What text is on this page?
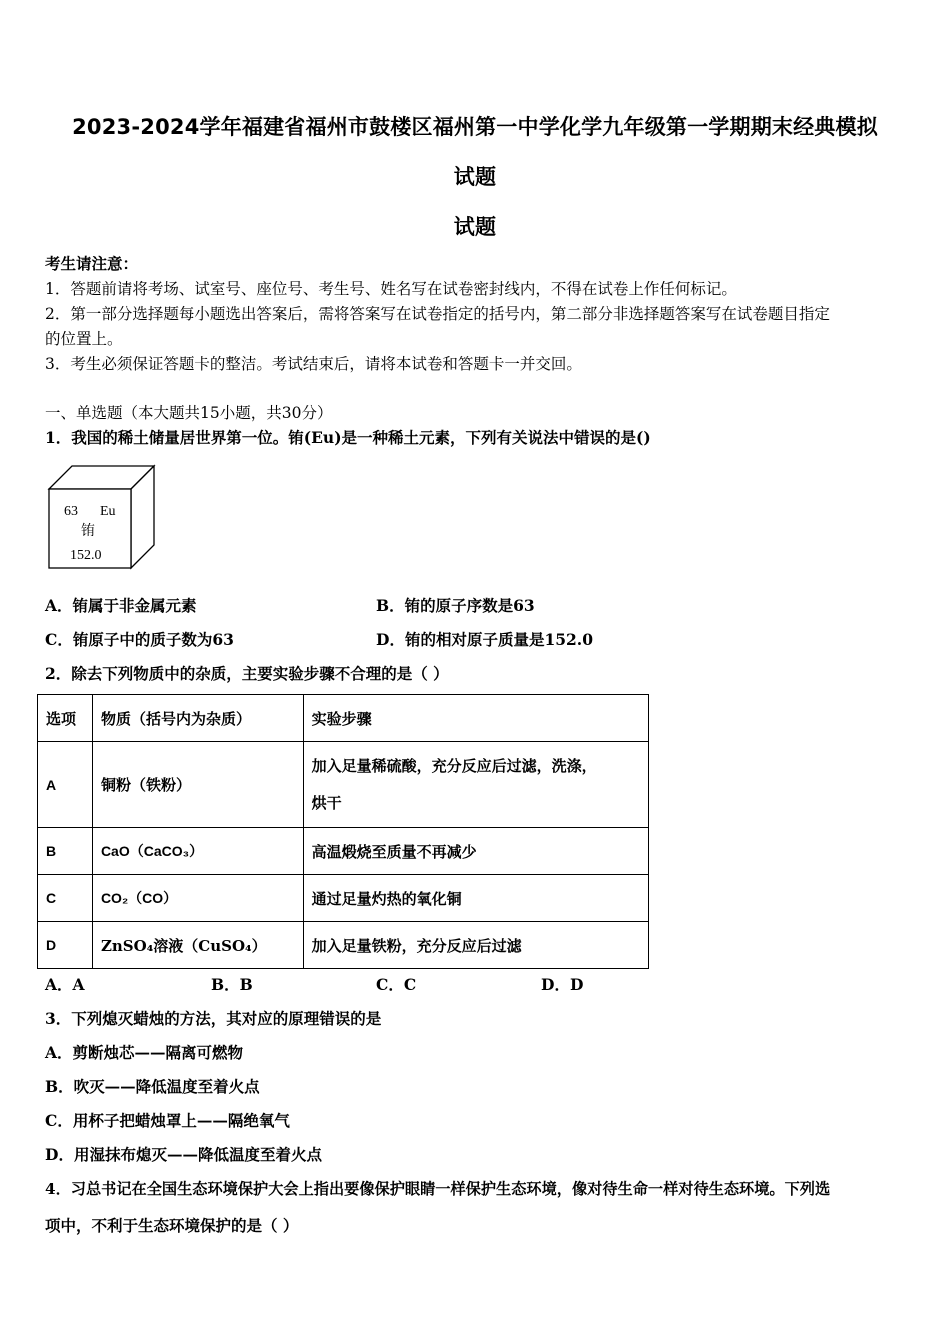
2023-2024学年福建省福州市鼓楼区福州第一中学化学九年级第一学期期末经典模拟
试题
试题
考生请注意：
1．答题前请将考场、试室号、座位号、考生号、姓名写在试卷密封线内，不得在试卷上作任何标记。
2．第一部分选择题每小题选出答案后，需将答案写在试卷指定的括号内，第二部分非选择题答案写在试卷题目指定
的位置上。
3．考生必须保证答题卡的整洁。考试结束后，请将本试卷和答题卡一并交回。
一、单选题（本大题共15小题，共30分）
1．我国的稀土储量居世界第一位。铕(Eu)是一种稀土元素，下列有关说法中错误的是()
63 Eu
铕
152.0
A．铕属于非金属元素	B．铕的原子序数是63
C．铕原子中的质子数为63	D．铕的相对原子质量是152.0
2．除去下列物质中的杂质，主要实验步骤不合理的是（ ）
选项	物质（括号内为杂质）	实验步骤
A	铜粉（铁粉）	加入足量稀硫酸，充分反应后过滤，洗涤，
烘干

B	CaO（CaCO₃）	高温煅烧至质量不再减少
C	CO₂（CO）	通过足量灼热的氧化铜
D	ZnSO₄溶液（CuSO₄）	加入足量铁粉，充分反应后过滤
A．A	B．B	C．C	D．D
3．下列熄灭蜡烛的方法，其对应的原理错误的是
A．剪断烛芯——隔离可燃物
B．吹灭——降低温度至着火点
C．用杯子把蜡烛罩上——隔绝氧气
D．用湿抹布熄灭——降低温度至着火点
4．习总书记在全国生态环境保护大会上指出要像保护眼睛一样保护生态环境，像对待生命一样对待生态环境。下列选
项中，不利于生态环境保护的是（ ）
